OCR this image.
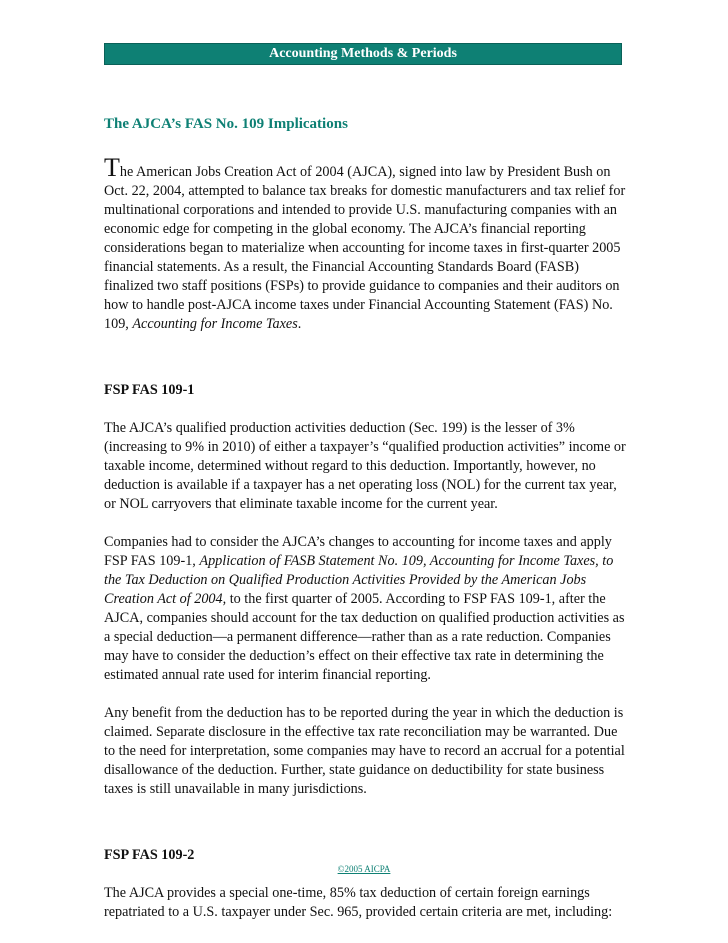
Accounting Methods & Periods
The AJCA’s FAS No. 109 Implications

The American Jobs Creation Act of 2004 (AJCA), signed into law by President Bush on Oct. 22, 2004, attempted to balance tax breaks for domestic manufacturers and tax relief for multinational corporations and intended to provide U.S. manufacturing companies with an economic edge for competing in the global economy. The AJCA’s financial reporting considerations began to materialize when accounting for income taxes in first-quarter 2005 financial statements. As a result, the Financial Accounting Standards Board (FASB) finalized two staff positions (FSPs) to provide guidance to companies and their auditors on how to handle post-AJCA income taxes under Financial Accounting Statement (FAS) No. 109, Accounting for Income Taxes.

FSP FAS 109-1

The AJCA’s qualified production activities deduction (Sec. 199) is the lesser of 3% (increasing to 9% in 2010) of either a taxpayer’s “qualified production activities” income or taxable income, determined without regard to this deduction. Importantly, however, no deduction is available if a taxpayer has a net operating loss (NOL) for the current tax year, or NOL carryovers that eliminate taxable income for the current year.

Companies had to consider the AJCA’s changes to accounting for income taxes and apply FSP FAS 109-1, Application of FASB Statement No. 109, Accounting for Income Taxes, to the Tax Deduction on Qualified Production Activities Provided by the American Jobs Creation Act of 2004, to the first quarter of 2005. According to FSP FAS 109-1, after the AJCA, companies should account for the tax deduction on qualified production activities as a special deduction—a permanent difference—rather than as a rate reduction. Companies may have to consider the deduction’s effect on their effective tax rate in determining the estimated annual rate used for interim financial reporting.

Any benefit from the deduction has to be reported during the year in which the deduction is claimed. Separate disclosure in the effective tax rate reconciliation may be warranted. Due to the need for interpretation, some companies may have to record an accrual for a potential disallowance of the deduction. Further, state guidance on deductibility for state business taxes is still unavailable in many jurisdictions.

FSP FAS 109-2

The AJCA provides a special one-time, 85% tax deduction of certain foreign earnings repatriated to a U.S. taxpayer under Sec. 965, provided certain criteria are met, including:

©2005 AICPA
